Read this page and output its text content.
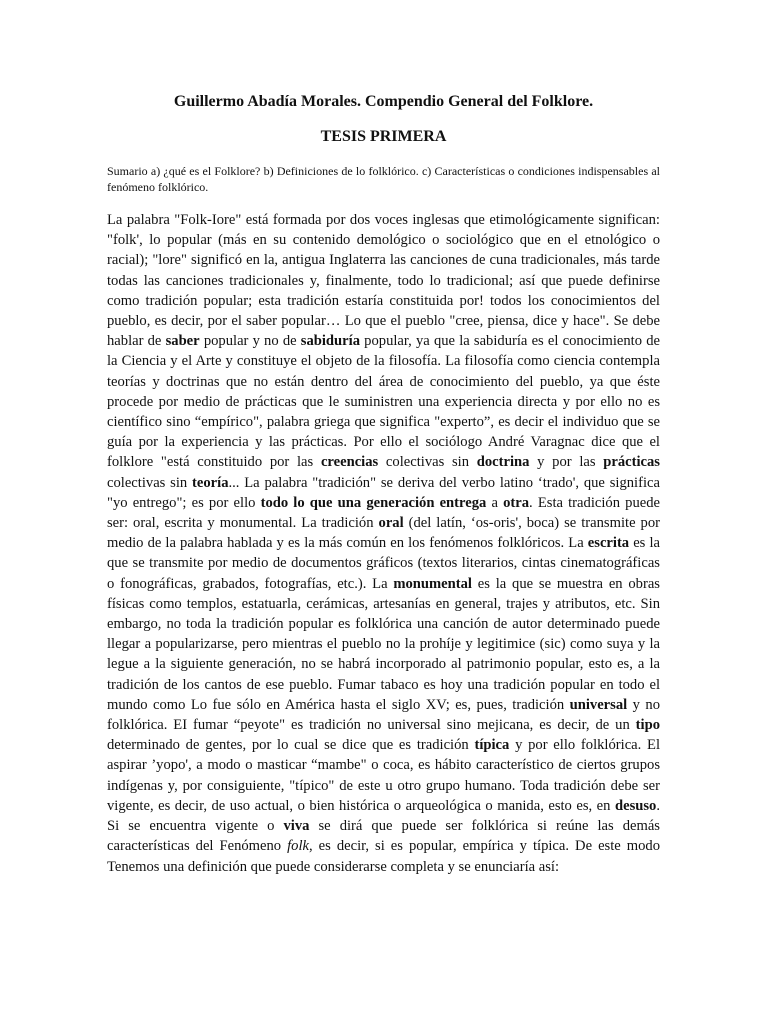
Guillermo Abadía Morales. Compendio General del Folklore.
TESIS PRIMERA

Sumario a) ¿qué es el Folklore? b) Definiciones de lo folklórico. c) Características o condiciones indispensables al fenómeno folklórico.

La palabra "Folk-Iore" está formada por dos voces inglesas que etimológicamente significan: "folk', lo popular (más en su contenido demológico o sociológico que en el etnológico o racial); "lore" significó en la, antigua Inglaterra las canciones de cuna tradicionales, más tarde todas las canciones tradicionales y, finalmente, todo lo tradicional; así que puede definirse como tradición popular; esta tradición estaría constituida por! todos los conocimientos del pueblo, es decir, por el saber popular… Lo que el pueblo "cree, piensa, dice y hace". Se debe hablar de saber popular y no de sabiduría popular, ya que la sabiduría es el conocimiento de la Ciencia y el Arte y constituye el objeto de la filosofía. La filosofía como ciencia contempla teorías y doctrinas que no están dentro del área de conocimiento del pueblo, ya que éste procede por medio de prácticas que le suministren una experiencia directa y por ello no es científico sino “empírico", palabra griega que significa "experto”, es decir el individuo que se guía por la experiencia y las prácticas. Por ello el sociólogo André Varagnac dice que el folklore "está constituido por las creencias colectivas sin doctrina y por las prácticas colectivas sin teoría... La palabra "tradición" se deriva del verbo latino ‘trado', que significa "yo entrego"; es por ello todo lo que una generación entrega a otra. Esta tradición puede ser: oral, escrita y monumental. La tradición oral (del latín, ‘os-oris', boca) se transmite por medio de la palabra hablada y es la más común en los fenómenos folklóricos. La escrita es la que se transmite por medio de documentos gráficos (textos literarios, cintas cinematográficas o fonográficas, grabados, fotografías, etc.). La monumental es la que se muestra en obras físicas como templos, estatuarla, cerámicas, artesanías en general, trajes y atributos, etc. Sin embargo, no toda la tradición popular es folklórica una canción de autor determinado puede llegar a popularizarse, pero mientras el pueblo no la prohíje y legitimice (sic) como suya y la legue a la siguiente generación, no se habrá incorporado al patrimonio popular, esto es, a la tradición de los cantos de ese pueblo. Fumar tabaco es hoy una tradición popular en todo el mundo como Lo fue sólo en América hasta el siglo XV; es, pues, tradición universal y no folklórica. EI fumar “peyote" es tradición no universal sino mejicana, es decir, de un tipo determinado de gentes, por lo cual se dice que es tradición típica y por ello folklórica. El aspirar ’yopo', a modo o masticar “mambe" o coca, es hábito característico de ciertos grupos indígenas y, por consiguiente, "típico" de este u otro grupo humano. Toda tradición debe ser vigente, es decir, de uso actual, o bien histórica o arqueológica o manida, esto es, en desuso. Si se encuentra vigente o viva se dirá que puede ser folklórica si reúne las demás características del Fenómeno folk, es decir, si es popular, empírica y típica. De este modo Tenemos una definición que puede considerarse completa y se enunciaría así:
